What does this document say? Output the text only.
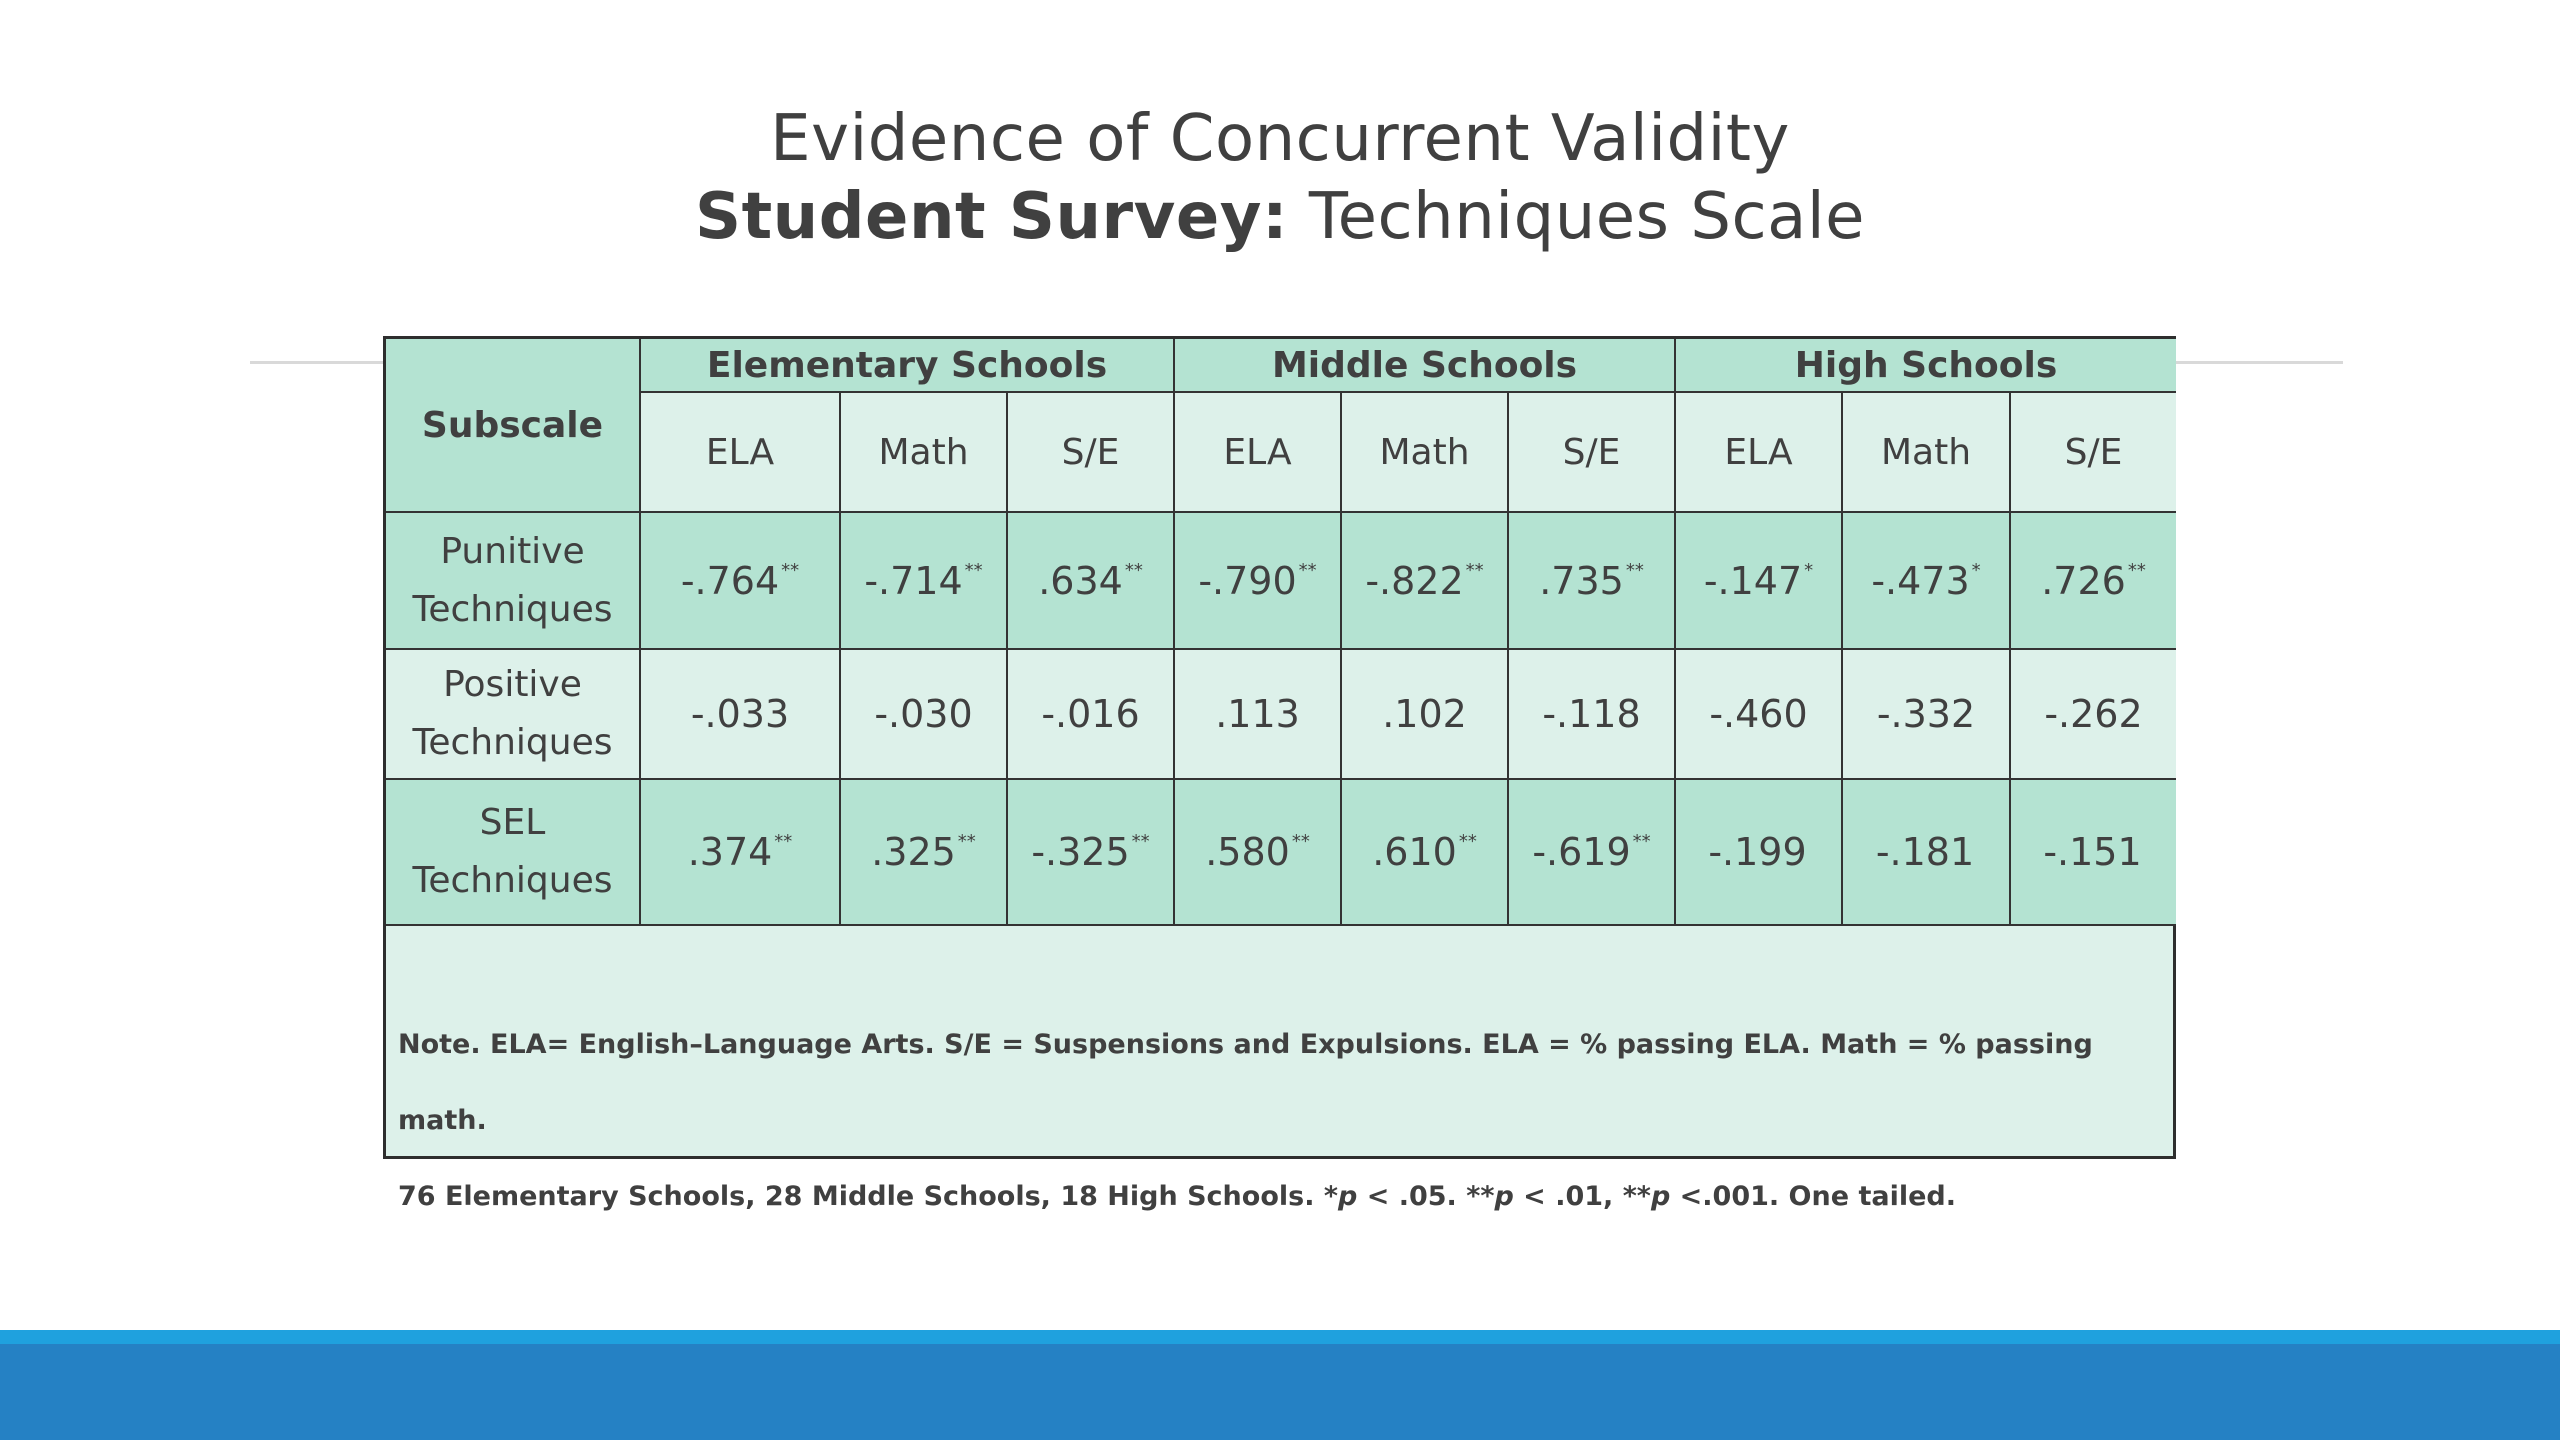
Evidence of Concurrent Validity
Student Survey: Techniques Scale
Subscale	Elementary Schools			Middle Schools			High Schools		
	ELA	Math	S/E	ELA	Math	S/E	ELA	Math	S/E

Punitive
Techniques	-.764 **	-.714 **	.634 **	-.790 **	-.822 **	.735 **	-.147 *	-.473 *	.726 **

Positive
Techniques	-.033	-.030	-.016	.113	.102	-.118	-.460	-.332	-.262

SEL
Techniques	.374 **	.325 **	-.325 **	.580 **	.610 **	-.619 **	-.199	-.181	-.151
Note. ELA= English–Language Arts. S/E = Suspensions and Expulsions. ELA = % passing ELA. Math = % passing math.
76 Elementary Schools, 28 Middle Schools, 18 High Schools. *p < .05. **p < .01, **p <.001. One tailed.
